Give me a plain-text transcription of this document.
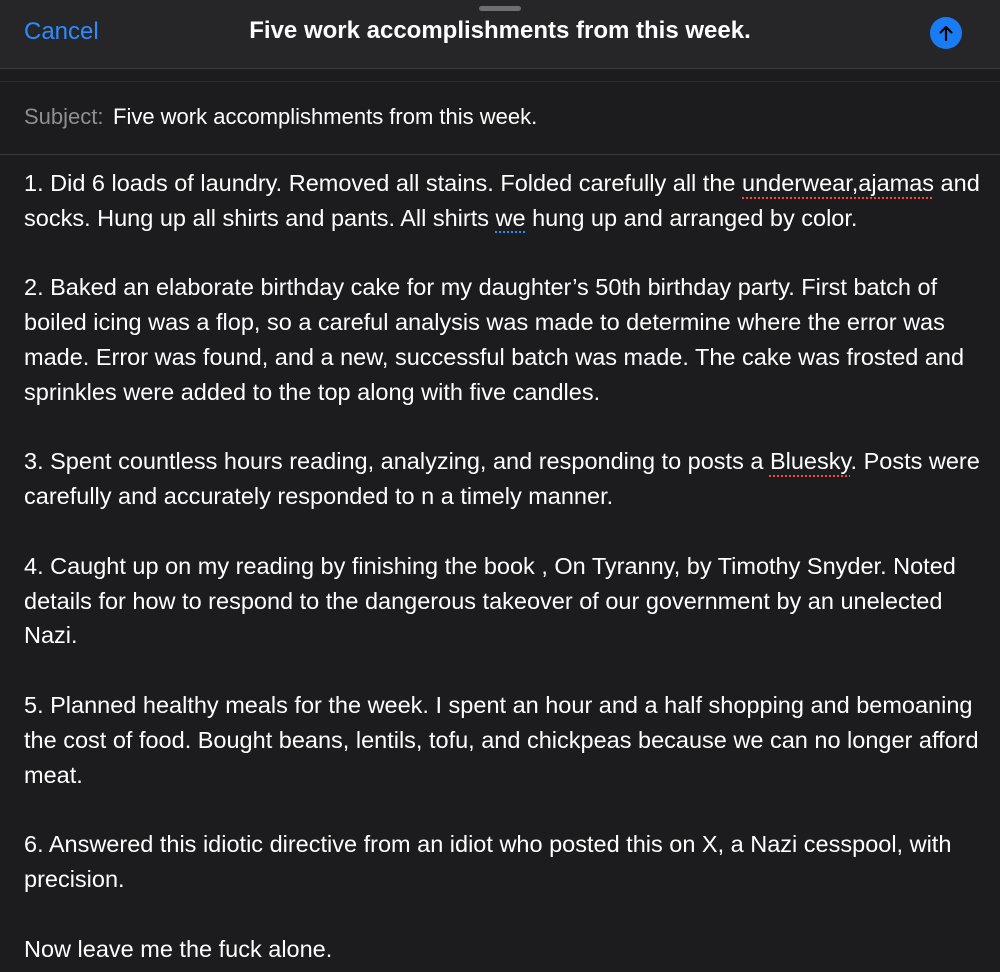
Cancel	Five work accomplishments from this week.
Subject: Five work accomplishments from this week.

1. Did 6 loads of laundry. Removed all stains. Folded carefully all the underwear,ajamas and socks. Hung up all shirts and pants. All shirts we hung up and arranged by color.

2. Baked an elaborate birthday cake for my daughter’s 50th birthday party. First batch of boiled icing was a flop, so a careful analysis was made to determine where the error was made. Error was found, and a new, successful batch was made. The cake was frosted and sprinkles were added to the top along with five candles.

3. Spent countless hours reading, analyzing, and responding to posts a Bluesky. Posts were carefully and accurately responded to n a timely manner.

4. Caught up on my reading by finishing the book , On Tyranny, by Timothy Snyder. Noted details for how to respond to the dangerous takeover of our government by an unelected Nazi.

5. Planned healthy meals for the week. I spent an hour and a half shopping and bemoaning the cost of food. Bought beans, lentils, tofu, and chickpeas because we can no longer afford meat.

6. Answered this idiotic directive from an idiot who posted this on X, a Nazi cesspool, with precision.

Now leave me the fuck alone.
